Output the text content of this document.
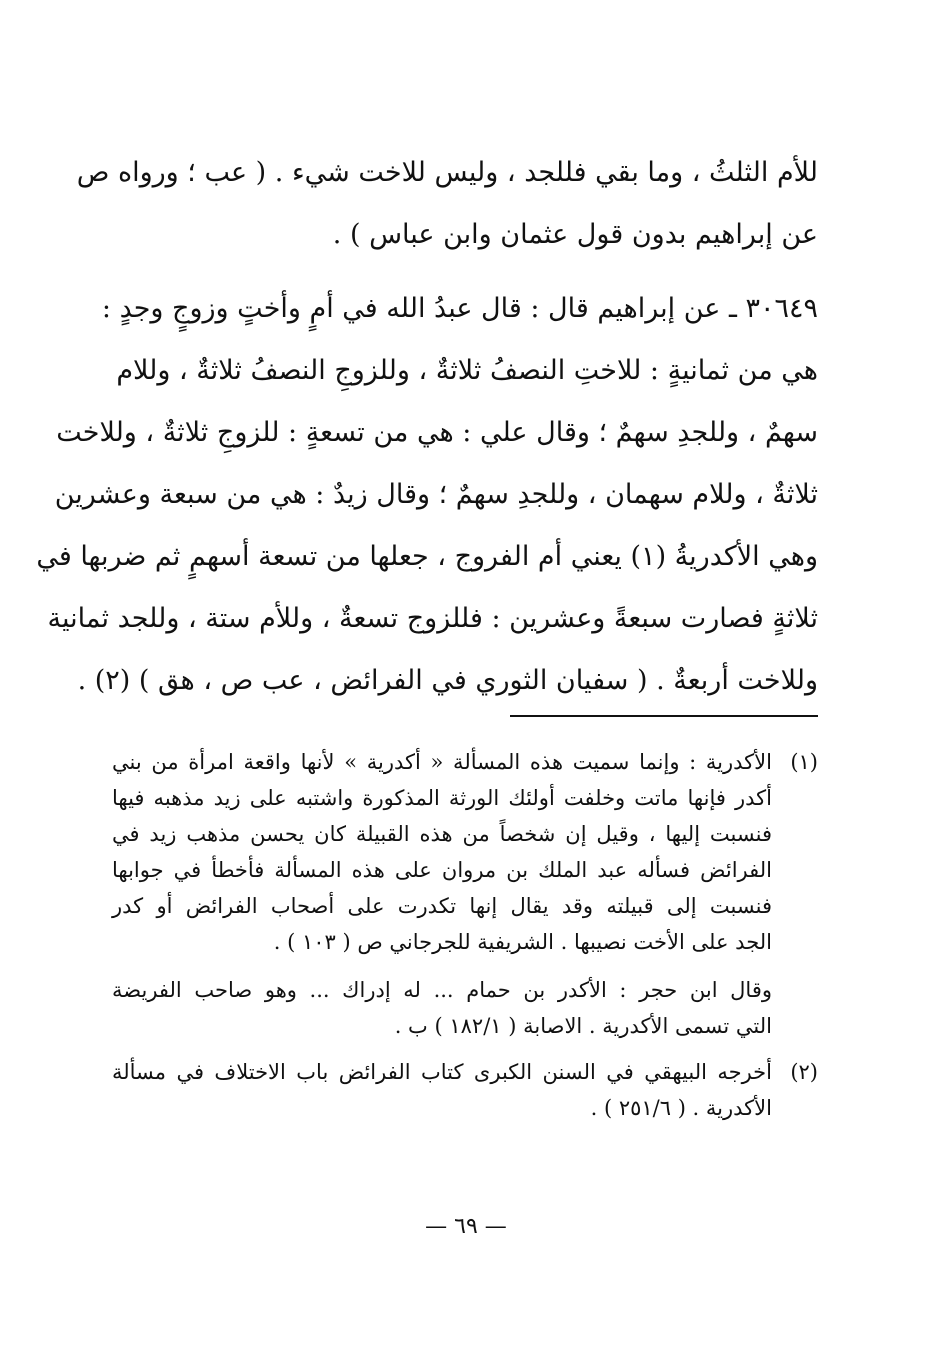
للأم الثلثُ ، وما بقي فللجد ، وليس للاخت شيء . ( عب ؛ ورواه ص
عن إبراهيم بدون قول عثمان وابن عباس ) .
٣٠٦٤٩ ـ عن إبراهيم قال : قال عبدُ الله في أمٍ وأختٍ وزوجٍ وجدٍ :
هي من ثمانيةٍ : للاختِ النصفُ ثلاثةٌ ، وللزوجِ النصفُ ثلاثةٌ ، وللام
سهمٌ ، وللجدِ سهمٌ ؛ وقال علي : هي من تسعةٍ : للزوجِ ثلاثةٌ ، وللاخت
ثلاثةٌ ، وللام سهمان ، وللجدِ سهمٌ ؛ وقال زيدٌ : هي من سبعة وعشرين
وهي الأكدريةُ (١) يعني أم الفروج ، جعلها من تسعة أسهمٍ ثم ضربها في
ثلاثةٍ فصارت سبعةً وعشرين : فللزوج تسعةٌ ، وللأم ستة ، وللجد ثمانية
وللاخت أربعةٌ . ( سفيان الثوري في الفرائض ، عب ص ، هق ) (٢) .
(١)
الأكدرية : وإنما سميت هذه المسألة « أكدرية » لأنها واقعة امرأة من بني
أكدر فإنها ماتت وخلفت أولئك الورثة المذكورة واشتبه على زيد مذهبه فيها
فنسبت إليها ، وقيل إن شخصاً من هذه القبيلة كان يحسن مذهب زيد في
الفرائض فسأله عبد الملك بن مروان على هذه المسألة فأخطأ في جوابها
فنسبت إلى قبيلته وقد يقال إنها تكدرت على أصحاب الفرائض أو كدر
الجد على الأخت نصيبها . الشريفية للجرجاني ص ( ١٠٣ ) .
وقال ابن حجر : الأكدر بن حمام ... له إدراك ... وهو صاحب الفريضة
التي تسمى الأكدرية . الاصابة ( ١٨٢/١ ) ب .
(٢)
أخرجه البيهقي في السنن الكبرى كتاب الفرائض باب الاختلاف في مسألة
الأكدرية . ( ٢٥١/٦ ) .
— ٦٩ —
